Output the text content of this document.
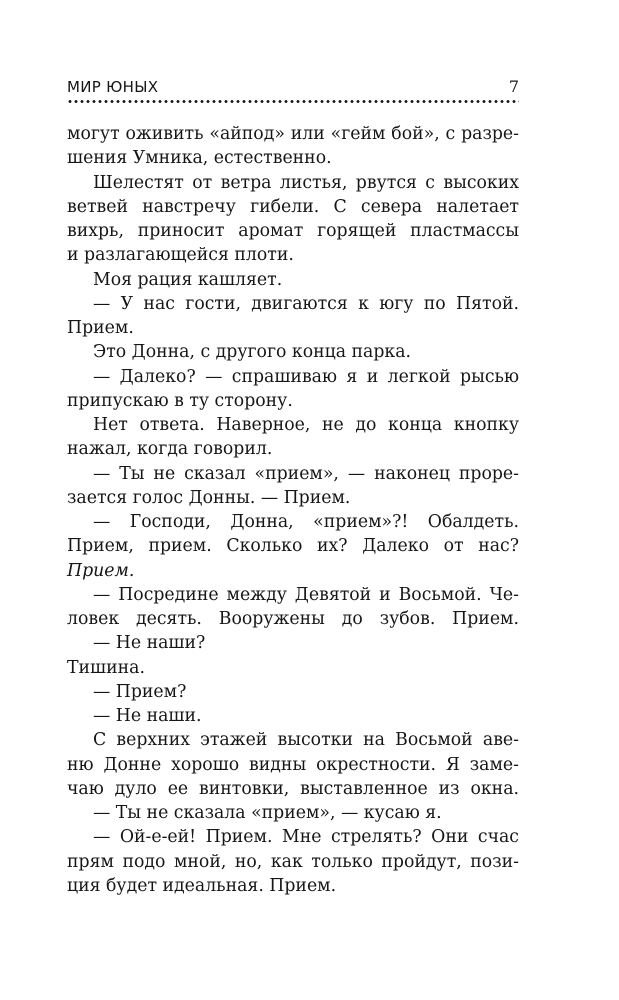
МИР ЮНЫХ	7
могут оживить «айпод» или «гейм бой», с разре-
шения Умника, естественно.
Шелестят от ветра листья, рвутся с высоких
ветвей навстречу гибели. С севера налетает
вихрь, приносит аромат горящей пластмассы
и разлагающейся плоти.
Моя рация кашляет.
— У нас гости, двигаются к югу по Пятой.
Прием.
Это Донна, с другого конца парка.
— Далеко? — спрашиваю я и легкой рысью
припускаю в ту сторону.
Нет ответа. Наверное, не до конца кнопку
нажал, когда говорил.
— Ты не сказал «прием», — наконец проре-
зается голос Донны. — Прием.
— Господи, Донна, «прием»?! Обалдеть.
Прием, прием. Сколько их? Далеко от нас?
Прием.
— Посредине между Девятой и Восьмой. Че-
ловек десять. Вооружены до зубов. Прием.
— Не наши?
Тишина.
— Прием?
— Не наши.
С верхних этажей высотки на Восьмой аве-
ню Донне хорошо видны окрестности. Я заме-
чаю дуло ее винтовки, выставленное из окна.
— Ты не сказала «прием», — кусаю я.
— Ой-е-ей! Прием. Мне стрелять? Они счас
прям подо мной, но, как только пройдут, пози-
ция будет идеальная. Прием.
